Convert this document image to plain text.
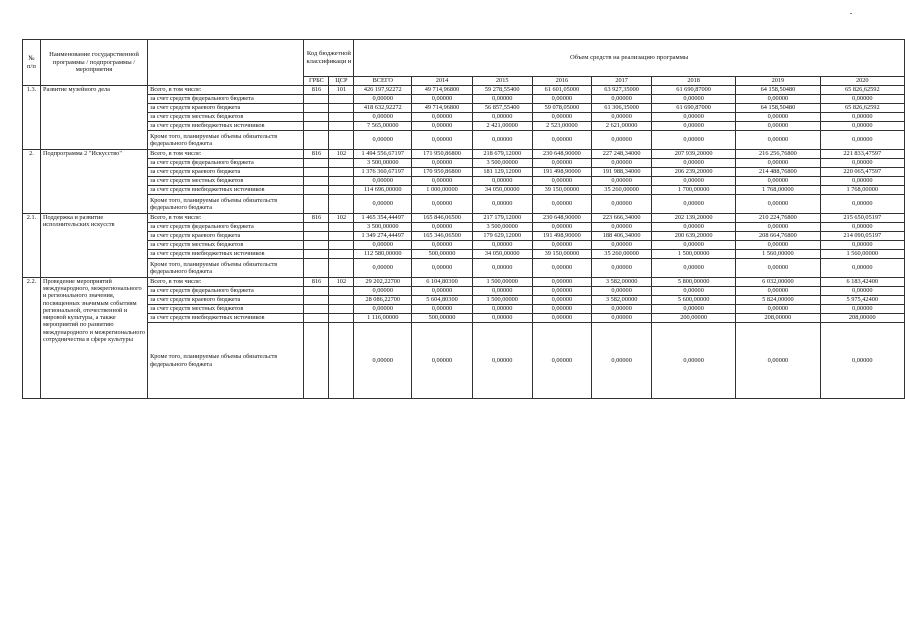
№ п/п	Наименование государственной программы / подпрограммы / мероприятия		Код бюджетной классификаци и		Объем средств на реализацию программы							
			ГРБС	ЦСР	ВСЕГО	2014	2015	2016	2017	2018	2019	2020
1.3.	Развитие музейного дела	Всего, в том числе:	816	101	426 197,92272	49 714,96800	59 278,55400	61 601,05000	63 927,35000	61 690,87000	64 158,50480	65 826,62592
		за счет средств федерального бюджета			0,00000	0,00000	0,00000	0,00000	0,00000	0,00000	0,00000	0,00000
		за счет средств краевого бюджета			418 632,92272	49 714,96800	56 857,55400	59 078,05000	61 306,35000	61 690,87000	64 158,50480	65 826,62592
		за счет средств местных бюджетов			0,00000	0,00000	0,00000	0,00000	0,00000	0,00000	0,00000	0,00000
		за счет средств внебюджетных источников			7 565,00000	0,00000	2 421,00000	2 523,00000	2 621,00000	0,00000	0,00000	0,00000
		Кроме того, планируемые объемы обязательств федерального бюджета			0,00000	0,00000	0,00000	0,00000	0,00000	0,00000	0,00000	0,00000
2.	Подпрограмма 2 "Искусство"	Всего, в том числе:	816	102	1 494 556,67197	171 950,86800	218 679,12000	230 648,90000	227 248,34000	207 939,20000	216 256,76800	221 833,47597
		за счет средств федерального бюджета			3 500,00000	0,00000	3 500,00000	0,00000	0,00000	0,00000	0,00000	0,00000
		за счет средств краевого бюджета			1 376 360,67197	170 950,86800	181 129,12000	191 498,90000	191 988,34000	206 239,20000	214 488,76800	220 065,47597
		за счет средств местных бюджетов			0,00000	0,00000	0,00000	0,00000	0,00000	0,00000	0,00000	0,00000
		за счет средств внебюджетных источников			114 696,00000	1 000,00000	34 050,00000	39 150,00000	35 260,00000	1 700,00000	1 768,00000	1 768,00000
		Кроме того, планируемые объемы обязательств федерального бюджета			0,00000	0,00000	0,00000	0,00000	0,00000	0,00000	0,00000	0,00000
2.1.	Поддержка и развитие исполнительских искусств	Всего, в том числе:	816	102	1 465 354,44497	165 846,06500	217 179,12000	230 648,90000	223 666,34000	202 139,20000	210 224,76800	215 650,05197
		за счет средств федерального бюджета			3 500,00000	0,00000	3 500,00000	0,00000	0,00000	0,00000	0,00000	0,00000
		за счет средств краевого бюджета			1 349 274,44497	165 346,06500	179 629,12000	191 498,90000	188 406,34000	200 639,20000	208 664,76800	214 090,05197
		за счет средств местных бюджетов			0,00000	0,00000	0,00000	0,00000	0,00000	0,00000	0,00000	0,00000
		за счет средств внебюджетных источников			112 580,00000	500,00000	34 050,00000	39 150,00000	35 260,00000	1 500,00000	1 560,00000	1 560,00000
		Кроме того, планируемые объемы обязательств федерального бюджета			0,00000	0,00000	0,00000	0,00000	0,00000	0,00000	0,00000	0,00000
2.2.	Проведение мероприятий международного, межрегионального и регионального значения, посвященных значимым событиям региональной, отечественной и мировой культуры, а также мероприятий по развитию международного и межрегионального сотрудничества в сфере культуры	Всего, в том числе:	816	102	29 202,22700	6 104,80300	1 500,00000	0,00000	3 582,00000	5 800,00000	6 032,00000	6 183,42400
		за счет средств федерального бюджета			0,00000	0,00000	0,00000	0,00000	0,00000	0,00000	0,00000	0,00000
		за счет средств краевого бюджета			28 086,22700	5 604,80300	1 500,00000	0,00000	3 582,00000	5 600,00000	5 824,00000	5 975,42400
		за счет средств местных бюджетов			0,00000	0,00000	0,00000	0,00000	0,00000	0,00000	0,00000	0,00000
		за счет средств внебюджетных источников			1 116,00000	500,00000	0,00000	0,00000	0,00000	200,00000	208,00000	208,00000
		Кроме того, планируемые объемы обязательств федерального бюджета			0,00000	0,00000	0,00000	0,00000	0,00000	0,00000	0,00000	0,00000
